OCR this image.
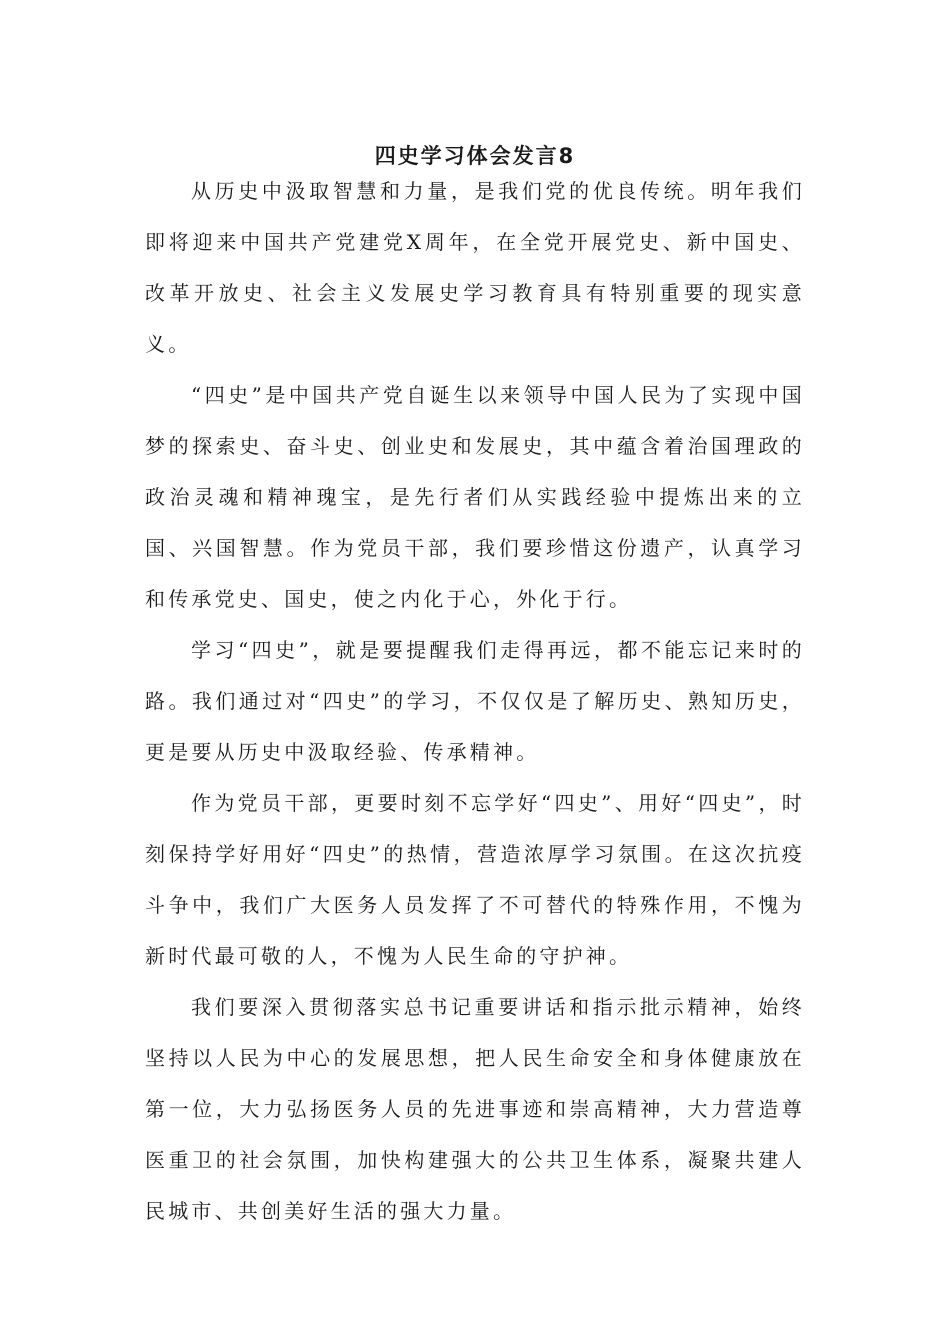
四史学习体会发言8

从历史中汲取智慧和力量，是我们党的优良传统。明年我们即将迎来中国共产党建党X周年，在全党开展党史、新中国史、改革开放史、社会主义发展史学习教育具有特别重要的现实意义。

“四史”是中国共产党自诞生以来领导中国人民为了实现中国梦的探索史、奋斗史、创业史和发展史，其中蕴含着治国理政的政治灵魂和精神瑰宝，是先行者们从实践经验中提炼出来的立国、兴国智慧。作为党员干部，我们要珍惜这份遗产，认真学习和传承党史、国史，使之内化于心，外化于行。

学习“四史”，就是要提醒我们走得再远，都不能忘记来时的路。我们通过对“四史”的学习，不仅仅是了解历史、熟知历史，更是要从历史中汲取经验、传承精神。

作为党员干部，更要时刻不忘学好“四史”、用好“四史”，时刻保持学好用好“四史”的热情，营造浓厚学习氛围。在这次抗疫斗争中，我们广大医务人员发挥了不可替代的特殊作用，不愧为新时代最可敬的人，不愧为人民生命的守护神。

我们要深入贯彻落实总书记重要讲话和指示批示精神，始终坚持以人民为中心的发展思想，把人民生命安全和身体健康放在第一位，大力弘扬医务人员的先进事迹和崇高精神，大力营造尊医重卫的社会氛围，加快构建强大的公共卫生体系，凝聚共建人民城市、共创美好生活的强大力量。
